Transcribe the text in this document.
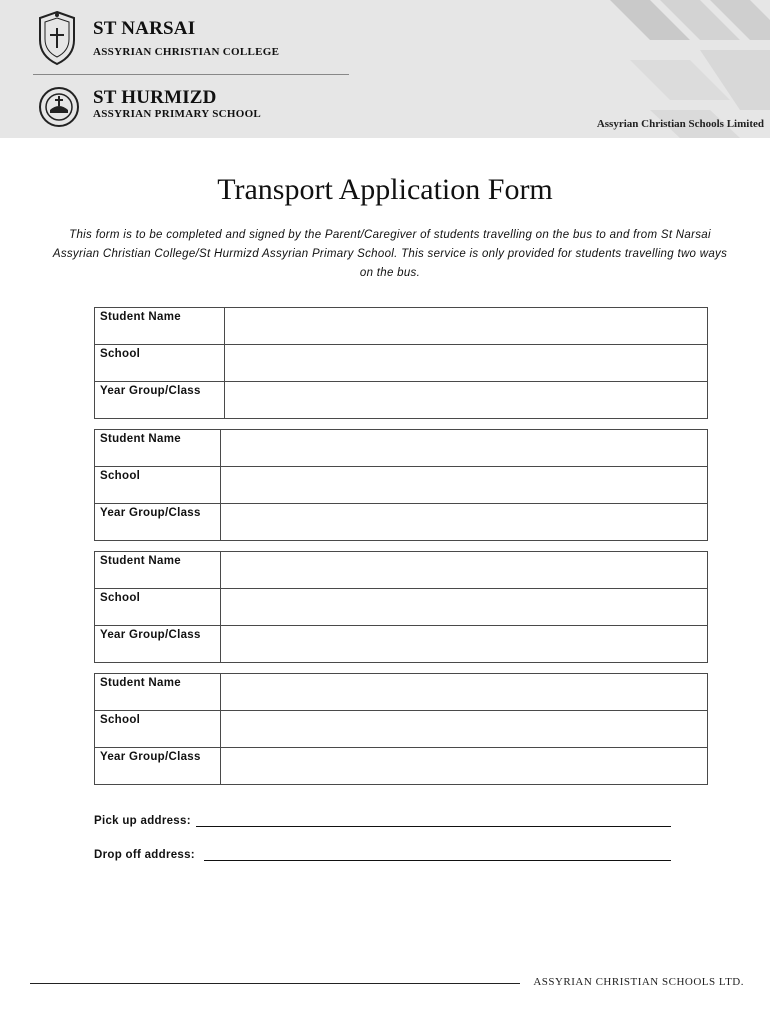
ST NARSAI
ASSYRIAN CHRISTIAN COLLEGE
ST HURMIZD
ASSYRIAN PRIMARY SCHOOL
Assyrian Christian Schools Limited
Transport Application Form
This form is to be completed and signed by the Parent/Caregiver of students travelling on the bus to and from St Narsai Assyrian Christian College/St Hurmizd Assyrian Primary School. This service is only provided for students travelling two ways on the bus.
Student Name	
School	
Year Group/Class	
Student Name	
School	
Year Group/Class	
Student Name	
School	
Year Group/Class	
Student Name	
School	
Year Group/Class	
Pick up address:
Drop off address:
ASSYRIAN CHRISTIAN SCHOOLS LTD.
